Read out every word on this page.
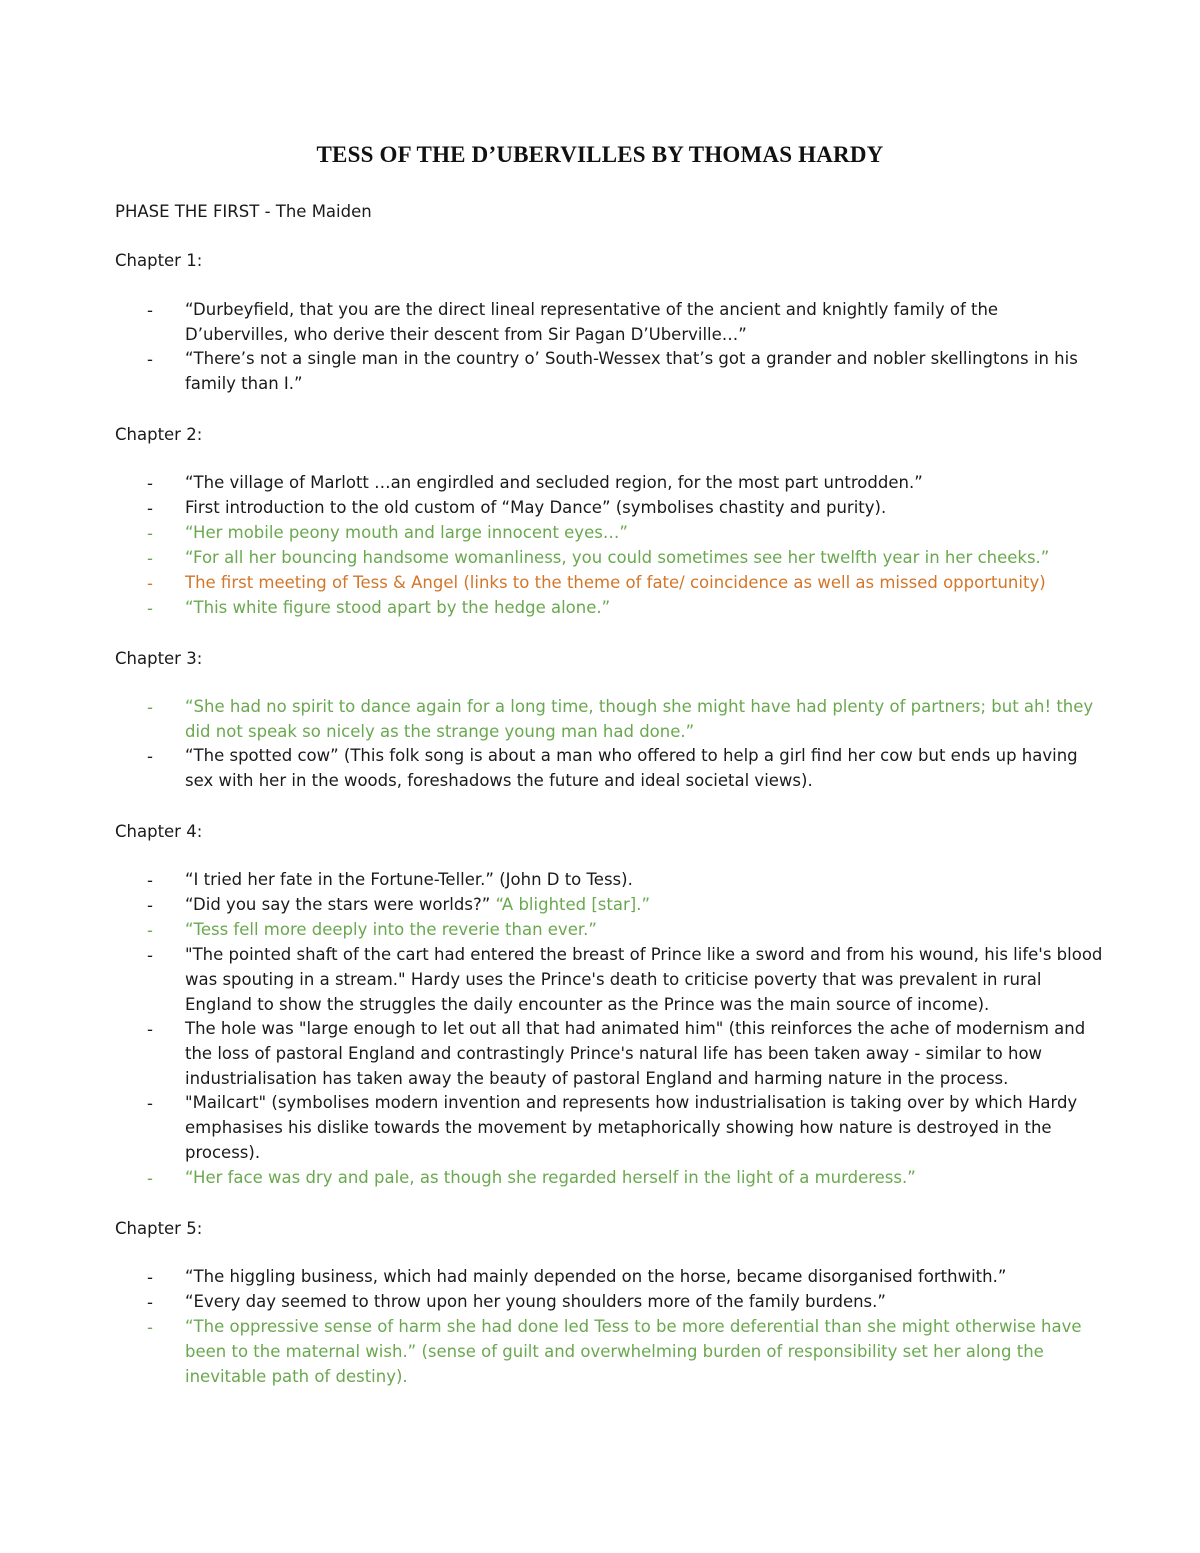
TESS OF THE D’UBERVILLES BY THOMAS HARDY
PHASE THE FIRST - The Maiden
Chapter 1:
- “Durbeyfield, that you are the direct lineal representative of the ancient and knightly family of the D’ubervilles, who derive their descent from Sir Pagan D’Uberville…”
- “There’s not a single man in the country o’ South-Wessex that’s got a grander and nobler skellingtons in his family than I.”
Chapter 2:
- “The village of Marlott …an engirdled and secluded region, for the most part untrodden.”
- First introduction to the old custom of “May Dance” (symbolises chastity and purity).
- “Her mobile peony mouth and large innocent eyes…”
- “For all her bouncing handsome womanliness, you could sometimes see her twelfth year in her cheeks.”
- The first meeting of Tess & Angel (links to the theme of fate/ coincidence as well as missed opportunity)
- “This white figure stood apart by the hedge alone.”
Chapter 3:
- “She had no spirit to dance again for a long time, though she might have had plenty of partners; but ah! they did not speak so nicely as the strange young man had done.”
- “The spotted cow” (This folk song is about a man who offered to help a girl find her cow but ends up having sex with her in the woods, foreshadows the future and ideal societal views).
Chapter 4:
- “I tried her fate in the Fortune-Teller.” (John D to Tess).
- “Did you say the stars were worlds?” “A blighted [star].”
- “Tess fell more deeply into the reverie than ever.”
- "The pointed shaft of the cart had entered the breast of Prince like a sword and from his wound, his life's blood was spouting in a stream." Hardy uses the Prince's death to criticise poverty that was prevalent in rural England to show the struggles the daily encounter as the Prince was the main source of income).
- The hole was "large enough to let out all that had animated him" (this reinforces the ache of modernism and the loss of pastoral England and contrastingly Prince's natural life has been taken away - similar to how industrialisation has taken away the beauty of pastoral England and harming nature in the process.
- "Mailcart" (symbolises modern invention and represents how industrialisation is taking over by which Hardy emphasises his dislike towards the movement by metaphorically showing how nature is destroyed in the process).
- “Her face was dry and pale, as though she regarded herself in the light of a murderess.”
Chapter 5:
- “The higgling business, which had mainly depended on the horse, became disorganised forthwith.”
- “Every day seemed to throw upon her young shoulders more of the family burdens.”
- “The oppressive sense of harm she had done led Tess to be more deferential than she might otherwise have been to the maternal wish.” (sense of guilt and overwhelming burden of responsibility set her along the inevitable path of destiny).
